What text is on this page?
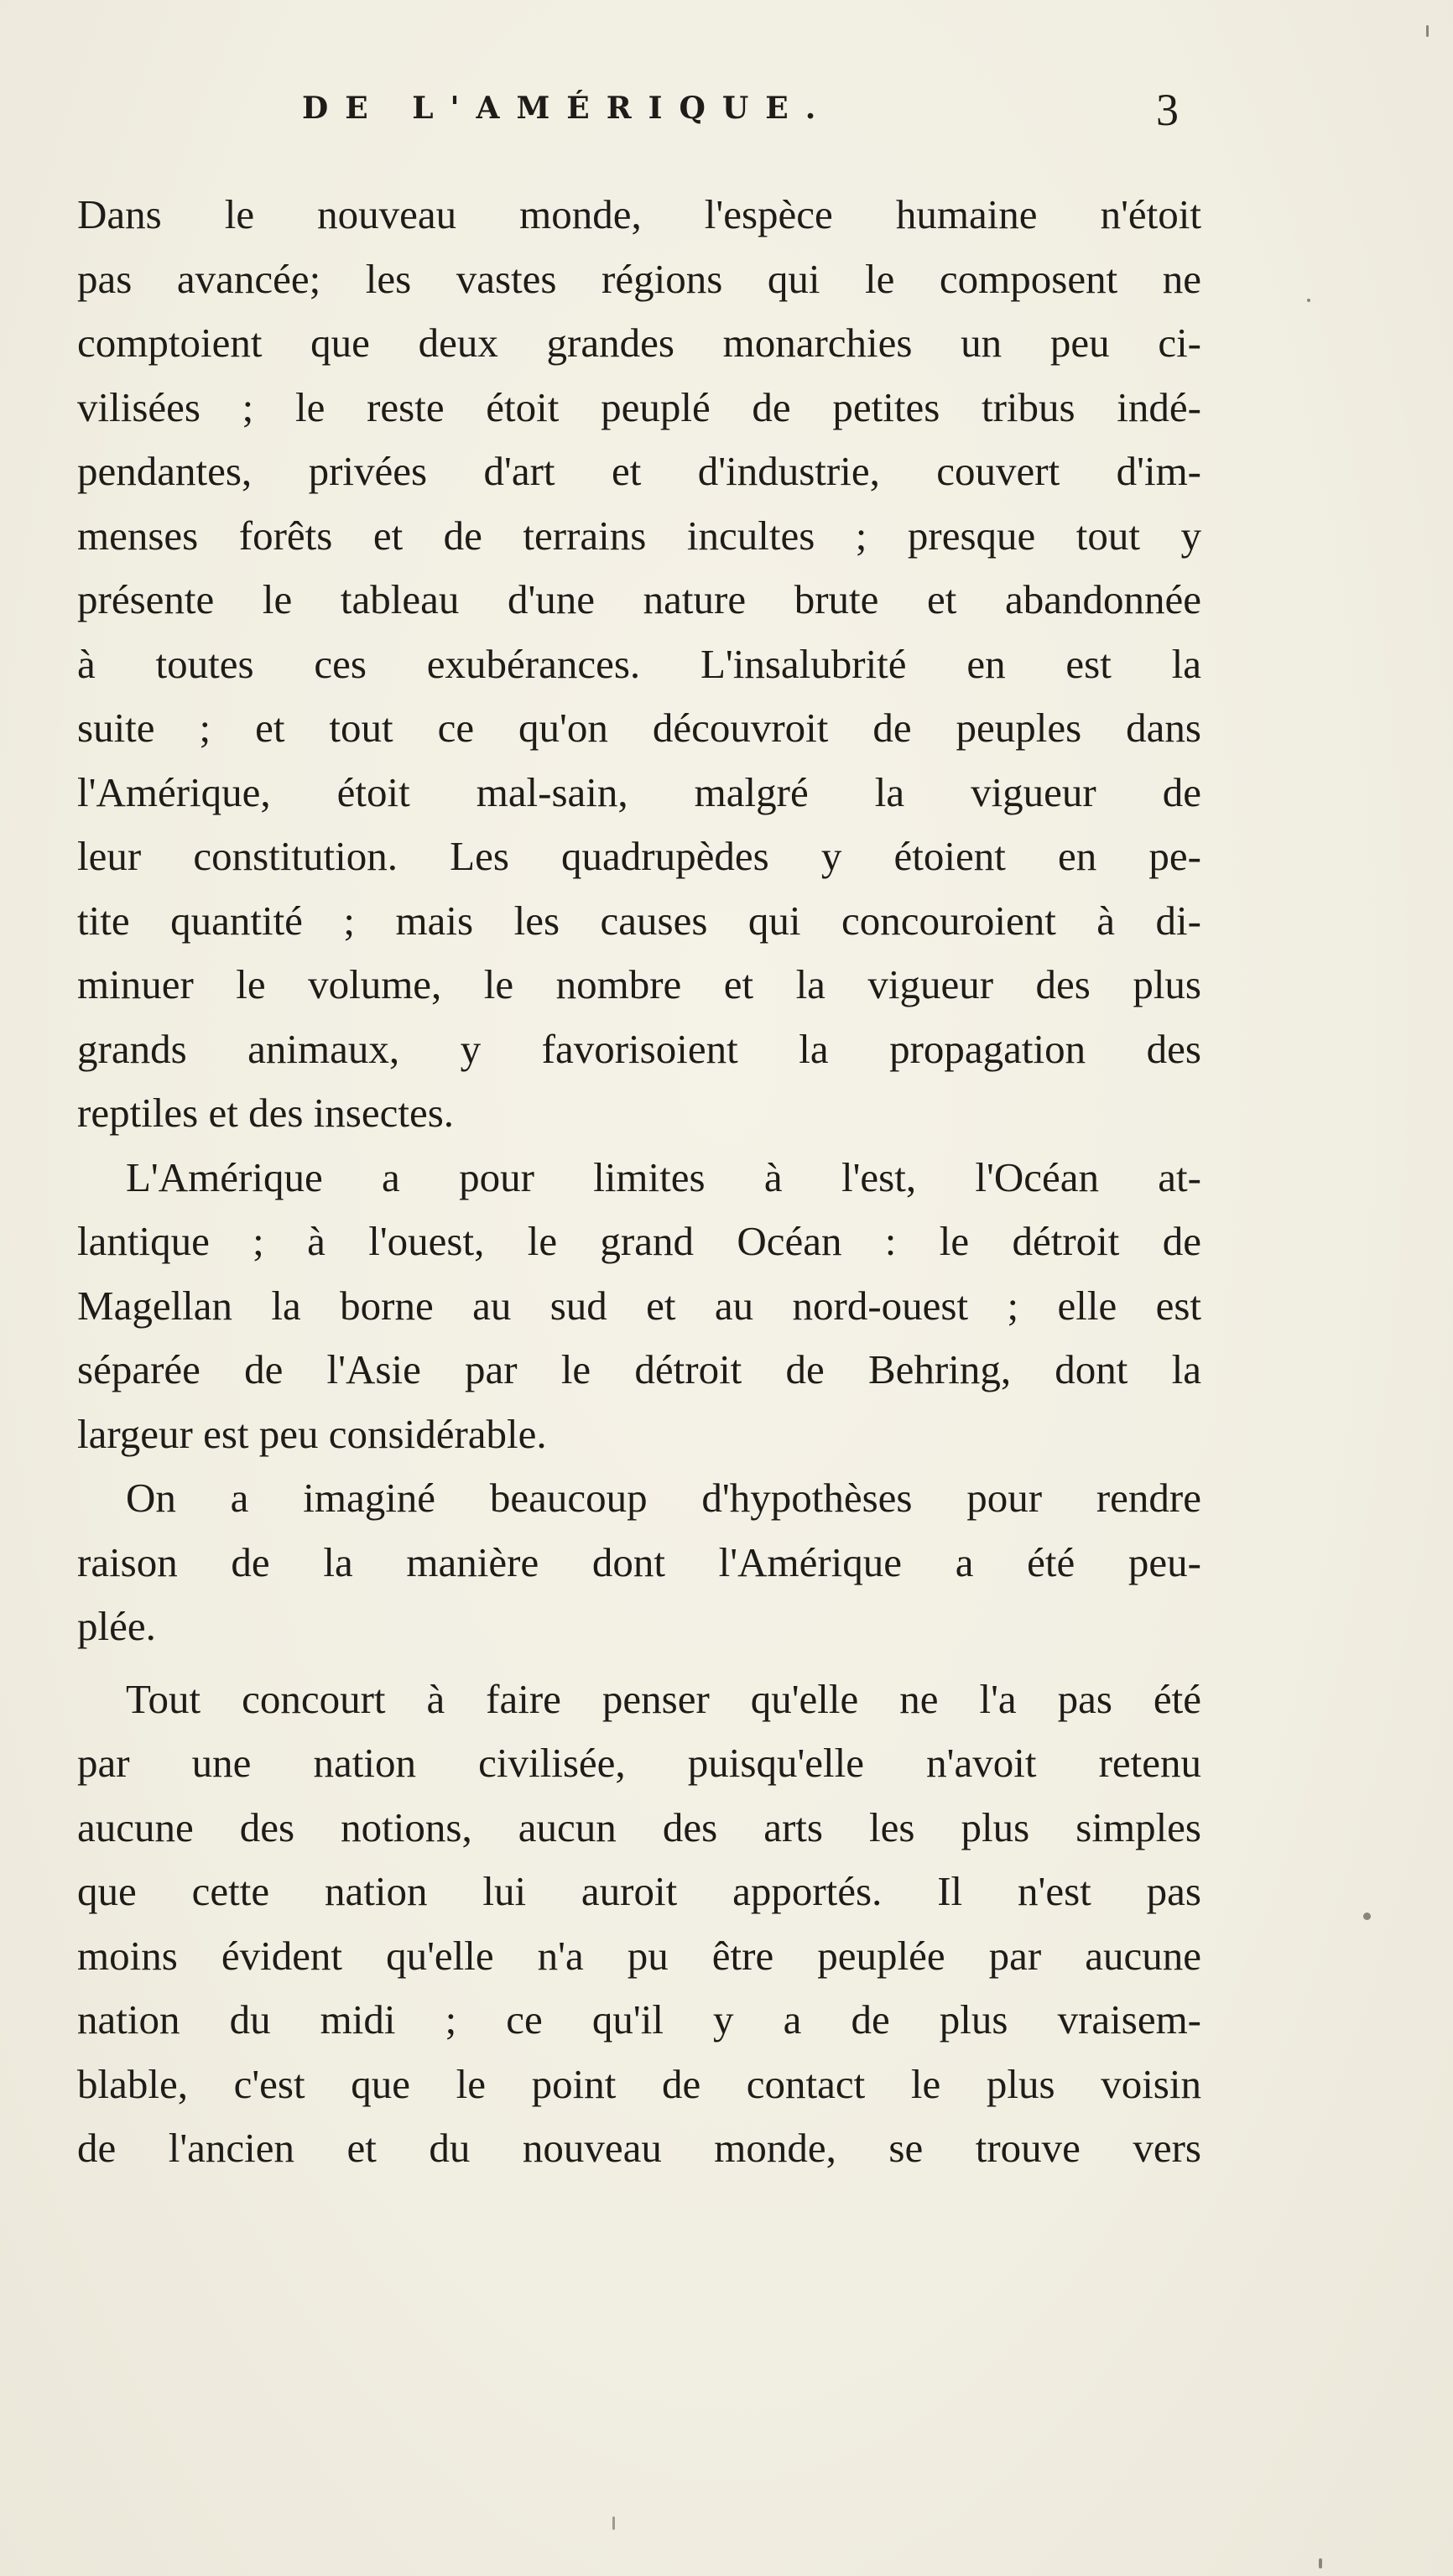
DE L'AMÉRIQUE.	3
Dans le nouveau monde, l'espèce humaine n'étoit
pas avancée; les vastes régions qui le composent ne
comptoient que deux grandes monarchies un peu ci-
vilisées ; le reste étoit peuplé de petites tribus indé-
pendantes, privées d'art et d'industrie, couvert d'im-
menses forêts et de terrains incultes ; presque tout y
présente le tableau d'une nature brute et abandonnée
à toutes ces exubérances. L'insalubrité en est la
suite ; et tout ce qu'on découvroit de peuples dans
l'Amérique, étoit mal-sain, malgré la vigueur de
leur constitution. Les quadrupèdes y étoient en pe-
tite quantité ; mais les causes qui concouroient à di-
minuer le volume, le nombre et la vigueur des plus
grands animaux, y favorisoient la propagation des
reptiles et des insectes.
L'Amérique a pour limites à l'est, l'Océan at-
lantique ; à l'ouest, le grand Océan : le détroit de
Magellan la borne au sud et au nord-ouest ; elle est
séparée de l'Asie par le détroit de Behring, dont la
largeur est peu considérable.
On a imaginé beaucoup d'hypothèses pour rendre
raison de la manière dont l'Amérique a été peu-
plée.
Tout concourt à faire penser qu'elle ne l'a pas été
par une nation civilisée, puisqu'elle n'avoit retenu
aucune des notions, aucun des arts les plus simples
que cette nation lui auroit apportés. Il n'est pas
moins évident qu'elle n'a pu être peuplée par aucune
nation du midi ; ce qu'il y a de plus vraisem-
blable, c'est que le point de contact le plus voisin
de l'ancien et du nouveau monde, se trouve vers
